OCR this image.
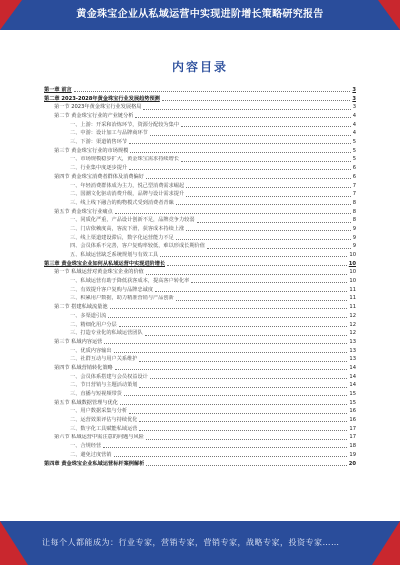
黄金珠宝企业从私域运营中实现进阶增长策略研究报告
内容目录
第一章 前言	3
第二章 2023-2028年黄金珠宝行业发展趋势预测	3
第一节 2023年黄金珠宝行业发展格局	3
第二节 黄金珠宝行业的产业链分析	4
一、上游：开采和冶炼环节，资源分配较为集中	4
二、中游：设计加工与品牌商环节	4
三、下游：渠道销售环节	5
第三节 黄金珠宝行业的市场规模	5
一、市场规模稳步扩大，黄金珠宝需求持续增长	5
二、行业集中度逐步提升	6
第四节 黄金珠宝消费者群体及消费偏好	6
一、年轻消费群体成为主力，悦己型消费需求崛起	7
二、国潮文化驱动消费升级，品牌与设计需求提升	7
三、线上线下融合的购物模式受到消费者青睐	8
第五节 黄金珠宝行业痛点	8
一、同质化严重，产品设计创新不足，品牌竞争力较弱	8
二、门店依赖度高，客流下滑，获客成本持续上涨	9
三、线上渠道建设滞后，数字化运营能力不足	9
四、会员体系不完善，客户复购率较低，难以形成长期价值	9
五、私域运营缺乏系统规划与有效工具	10
第三章 黄金珠宝企业如何从私域运营中实现进阶增长	10
第一节 私域运营对黄金珠宝企业的价值	10
一、私域运营有助于降低获客成本，提高客户转化率	10
二、有效提升客户复购与品牌忠诚度	11
三、积累用户数据，助力精准营销与产品创新	11
第二节 搭建私域流量池	11
一、多渠道引流	12
二、精细化用户分层	12
三、打造专业化的私域运营团队	12
第三节 私域内容运营	13
一、优质内容输出	13
二、社群互动与用户关系维护	13
第四节 私域营销转化策略	14
一、会员体系搭建与会员权益设计	14
二、节日营销与主题活动策划	14
三、直播与短视频带货	15
第五节 私域数据管理与优化	15
一、用户数据采集与分析	16
二、运营效果评估与持续优化	16
三、数字化工具赋能私域运营	17
第六节 私域运营中需注意的问题与风险	17
一、合规经营	18
二、避免过度营销	19
第四章 黄金珠宝企业私域运营标杆案例解析	20
让每个人都能成为：行业专家，营销专家，营销专家，战略专家，投资专家……
